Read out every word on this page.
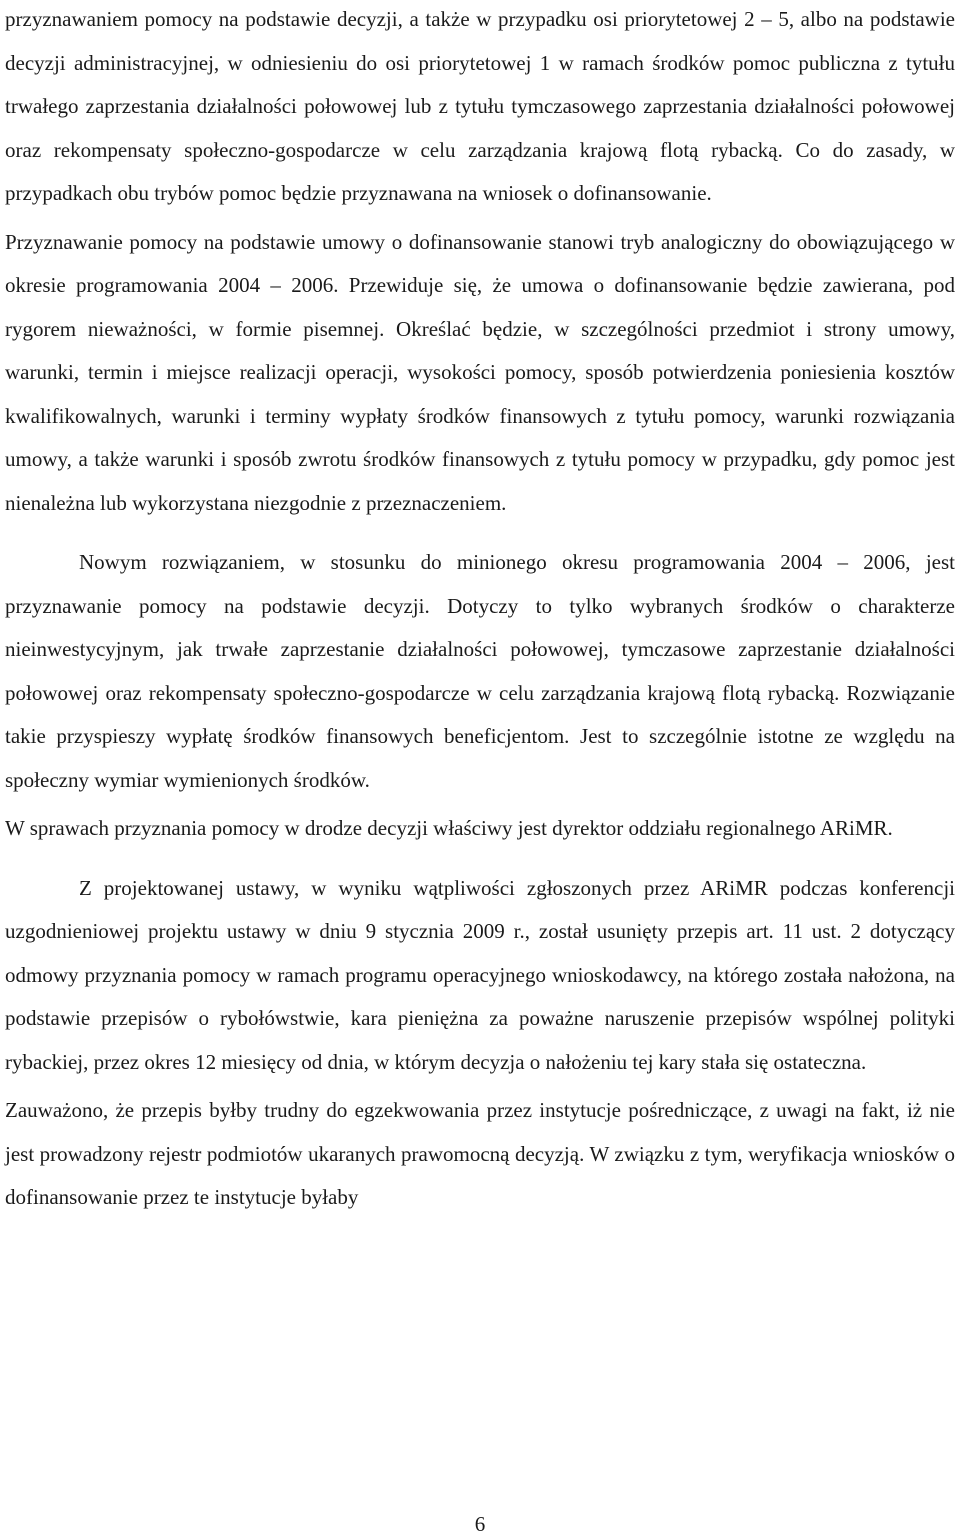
przyznawaniem pomocy na podstawie decyzji, a także w przypadku osi priorytetowej 2 – 5, albo na podstawie decyzji administracyjnej, w odniesieniu do osi priorytetowej 1 w ramach środków pomoc publiczna z tytułu trwałego zaprzestania działalności połowowej lub z tytułu tymczasowego zaprzestania działalności połowowej oraz rekompensaty społeczno-gospodarcze w celu zarządzania krajową flotą rybacką. Co do zasady, w przypadkach obu trybów pomoc będzie przyznawana na wniosek o dofinansowanie.

Przyznawanie pomocy na podstawie umowy o dofinansowanie stanowi tryb analogiczny do obowiązującego w okresie programowania 2004 – 2006. Przewiduje się, że umowa o dofinansowanie będzie zawierana, pod rygorem nieważności, w formie pisemnej. Określać będzie, w szczególności przedmiot i strony umowy, warunki, termin i miejsce realizacji operacji, wysokości pomocy, sposób potwierdzenia poniesienia kosztów kwalifikowalnych, warunki i terminy wypłaty środków finansowych z tytułu pomocy, warunki rozwiązania umowy, a także warunki i sposób zwrotu środków finansowych z tytułu pomocy w przypadku, gdy pomoc jest nienależna lub wykorzystana niezgodnie z przeznaczeniem.

Nowym rozwiązaniem, w stosunku do minionego okresu programowania 2004 – 2006, jest przyznawanie pomocy na podstawie decyzji. Dotyczy to tylko wybranych środków o charakterze nieinwestycyjnym, jak trwałe zaprzestanie działalności połowowej, tymczasowe zaprzestanie działalności połowowej oraz rekompensaty społeczno-gospodarcze w celu zarządzania krajową flotą rybacką. Rozwiązanie takie przyspieszy wypłatę środków finansowych beneficjentom. Jest to szczególnie istotne ze względu na społeczny wymiar wymienionych środków.

W sprawach przyznania pomocy w drodze decyzji właściwy jest dyrektor oddziału regionalnego ARiMR.

Z projektowanej ustawy, w wyniku wątpliwości zgłoszonych przez ARiMR podczas konferencji uzgodnieniowej projektu ustawy w dniu 9 stycznia 2009 r., został usunięty przepis art. 11 ust. 2 dotyczący odmowy przyznania pomocy w ramach programu operacyjnego wnioskodawcy, na którego została nałożona, na podstawie przepisów o rybołówstwie, kara pieniężna za poważne naruszenie przepisów wspólnej polityki rybackiej, przez okres 12 miesięcy od dnia, w którym decyzja o nałożeniu tej kary stała się ostateczna.

Zauważono, że przepis byłby trudny do egzekwowania przez instytucje pośredniczące, z uwagi na fakt, iż nie jest prowadzony rejestr podmiotów ukaranych prawomocną decyzją. W związku z tym, weryfikacja wniosków o dofinansowanie przez te instytucje byłaby

6
